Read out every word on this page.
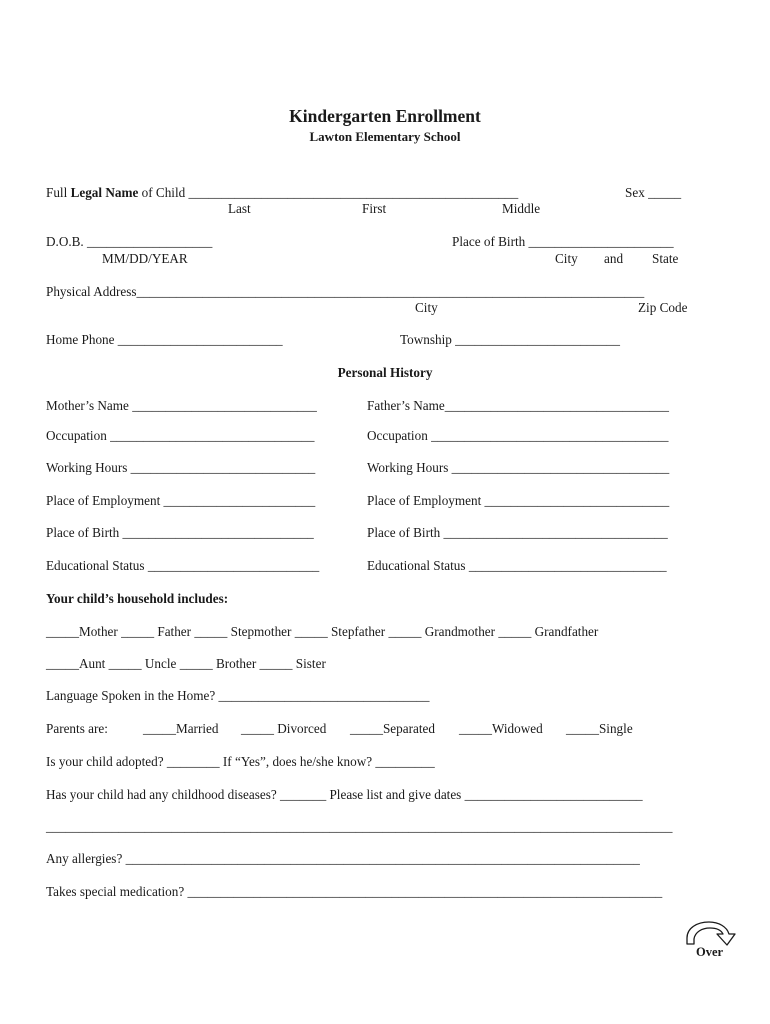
Kindergarten Enrollment
Lawton Elementary School
Full Legal Name of Child __________________________________________________	Sex _____
Last	First	Middle
D.O.B. ___________________	Place of Birth ______________________
MM/DD/YEAR	City and State
Physical Address_____________________________________________________________________________
City	Zip Code
Home Phone _________________________	Township _________________________
Personal History
Mother’s Name ____________________________	Father’s Name__________________________________
Occupation _______________________________	Occupation ____________________________________
Working Hours ____________________________	Working Hours _________________________________
Place of Employment _______________________	Place of Employment ____________________________
Place of Birth _____________________________	Place of Birth __________________________________
Educational Status __________________________	Educational Status ______________________________
Your child’s household includes:
_____Mother _____ Father _____ Stepmother _____ Stepfather _____ Grandmother _____ Grandfather
_____Aunt _____ Uncle _____ Brother _____ Sister
Language Spoken in the Home? ________________________________
Parents are:	_____Married _____ Divorced _____Separated _____Widowed _____Single
Is your child adopted? ________ If “Yes”, does he/she know? _________
Has your child had any childhood diseases? _______ Please list and give dates ___________________________
_______________________________________________________________________________________________
Any allergies? ______________________________________________________________________________
Takes special medication? ________________________________________________________________________
Over
